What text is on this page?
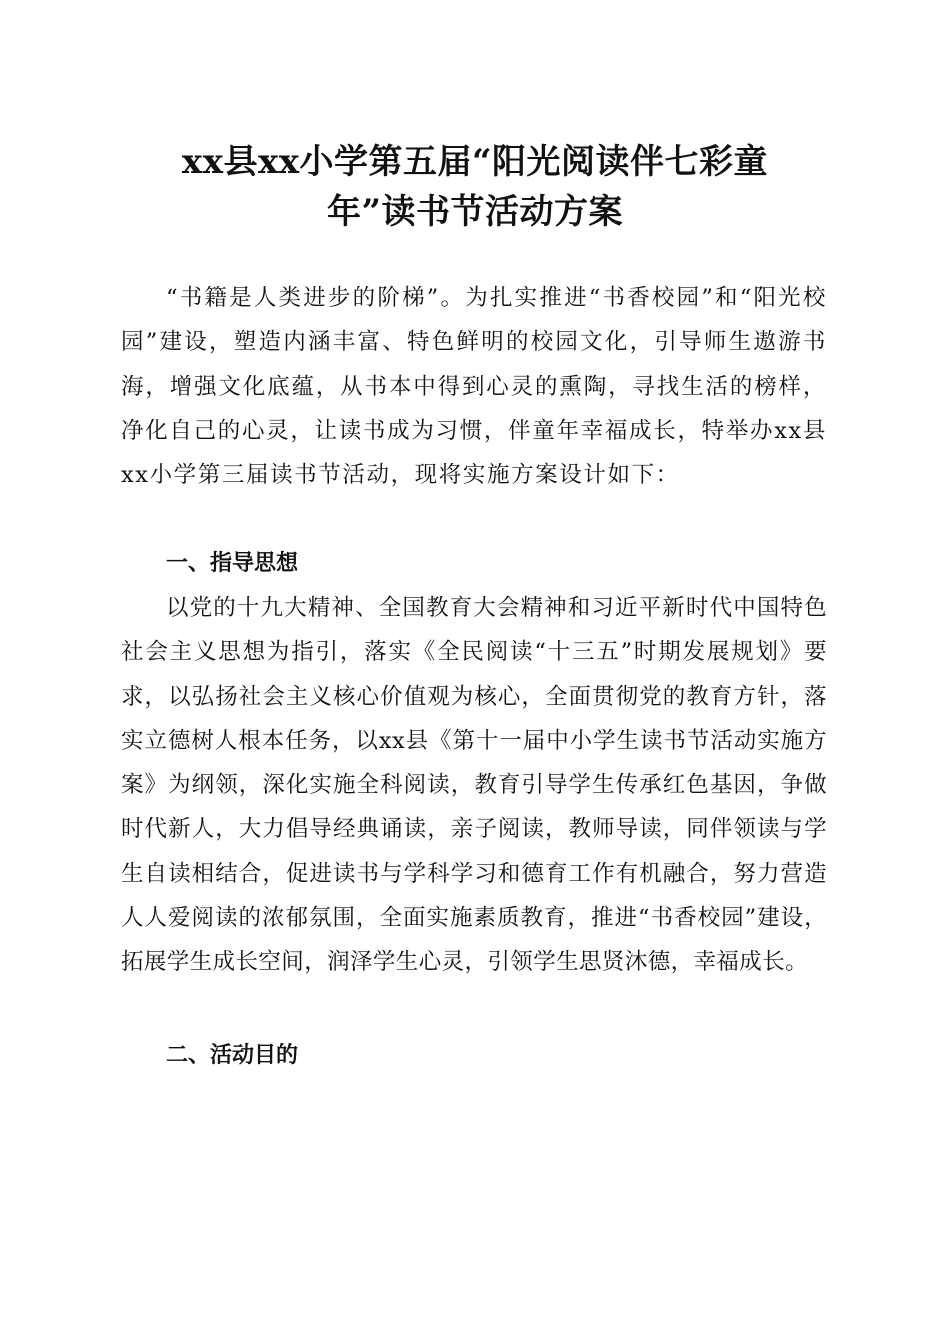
xx县xx小学第五届“阳光阅读伴七彩童
年”读书节活动方案

“书籍是人类进步的阶梯”。为扎实推进“书香校园”和“阳光校园”建设，塑造内涵丰富、特色鲜明的校园文化，引导师生遨游书海，增强文化底蕴，从书本中得到心灵的熏陶，寻找生活的榜样，净化自己的心灵，让读书成为习惯，伴童年幸福成长，特举办xx县xx小学第三届读书节活动，现将实施方案设计如下：

一、指导思想

以党的十九大精神、全国教育大会精神和习近平新时代中国特色社会主义思想为指引，落实《全民阅读“十三五”时期发展规划》要求，以弘扬社会主义核心价值观为核心，全面贯彻党的教育方针，落实立德树人根本任务，以xx县《第十一届中小学生读书节活动实施方案》为纲领，深化实施全科阅读，教育引导学生传承红色基因，争做时代新人，大力倡导经典诵读，亲子阅读，教师导读，同伴领读与学生自读相结合，促进读书与学科学习和德育工作有机融合，努力营造人人爱阅读的浓郁氛围，全面实施素质教育，推进“书香校园”建设，拓展学生成长空间，润泽学生心灵，引领学生思贤沐德，幸福成长。

二、活动目的
